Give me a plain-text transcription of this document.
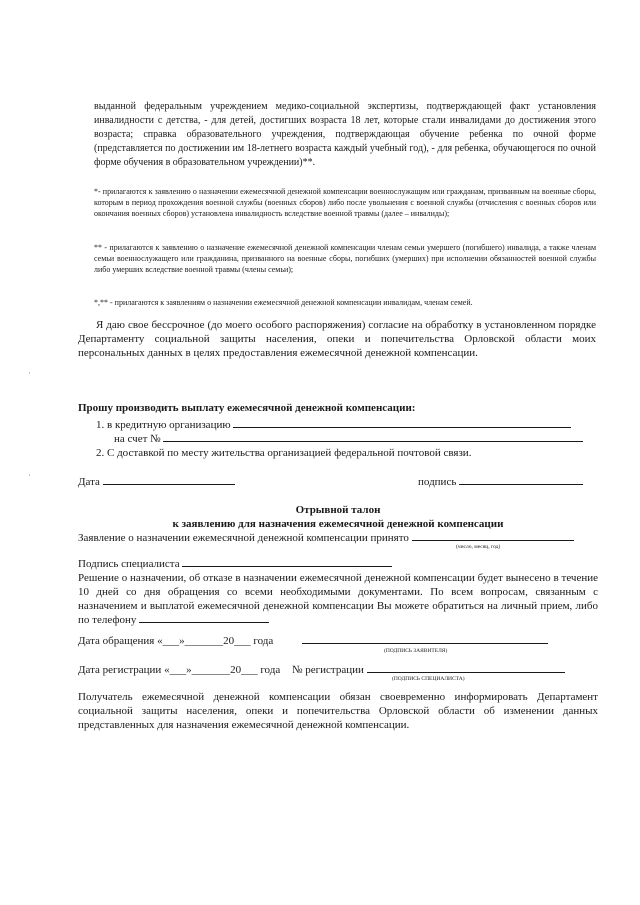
·
·
выданной федеральным учреждением медико-социальной экспертизы, подтверждающей факт установления инвалидности с детства, - для детей, достигших возраста 18 лет, которые стали инвалидами до достижения этого возраста; справка образовательного учреждения, подтверждающая обучение ребенка по очной форме (представляется по достижении им 18-летнего возраста каждый учебный год), - для ребенка, обучающегося по очной форме обучения в образовательном учреждении)**.
*- прилагаются к заявлению о назначении ежемесячной денежной компенсации военнослужащим или гражданам, призванным на военные сборы, которым в период прохождения военной службы (военных сборов) либо после увольнения с военной службы (отчисления с военных сборов или окончания военных сборов) установлена инвалидность вследствие военной травмы (далее – инвалиды);
** - прилагаются к заявлению о назначение ежемесячной денежной компенсации членам семьи умершего (погибшего) инвалида, а также членам семьи военнослужащего или гражданина, призванного на военные сборы, погибших (умерших) при исполнении обязанностей военной службы либо умерших вследствие военной травмы (члены семьи);
*,** - прилагаются к заявлениям о назначении ежемесячной денежной компенсации инвалидам, членам семей.
Я даю свое бессрочное (до моего особого распоряжения) согласие на обработку в установленном порядке Департаменту социальной защиты населения, опеки и попечительства Орловской области моих персональных данных в целях предоставления ежемесячной денежной компенсации.
Прошу производить выплату ежемесячной денежной компенсации:
1. в кредитную организацию
на счет №
2. С доставкой по месту жительства организацией федеральной почтовой связи.
Дата	подпись
Отрывной талон
к заявлению для назначения ежемесячной денежной компенсации
Заявление о назначении ежемесячной денежной компенсации принято
(число, месяц, год)
Подпись специалиста
Решение о назначении, об отказе в назначении ежемесячной денежной компенсации будет вынесено в течение 10 дней со дня обращения со всеми необходимыми документами. По всем вопросам, связанным с назначением и выплатой ежемесячной денежной компенсации Вы можете обратиться на личный прием, либо по телефону
Дата обращения «___»_______20___ года
(ПОДПИСЬ ЗАЯВИТЕЛЯ)
Дата регистрации «___»_______20___ года № регистрации
(ПОДПИСЬ СПЕЦИАЛИСТА)
Получатель ежемесячной денежной компенсации обязан своевременно информировать Департамент социальной защиты населения, опеки и попечительства Орловской области об изменении данных представленных для назначения ежемесячной денежной компенсации.
